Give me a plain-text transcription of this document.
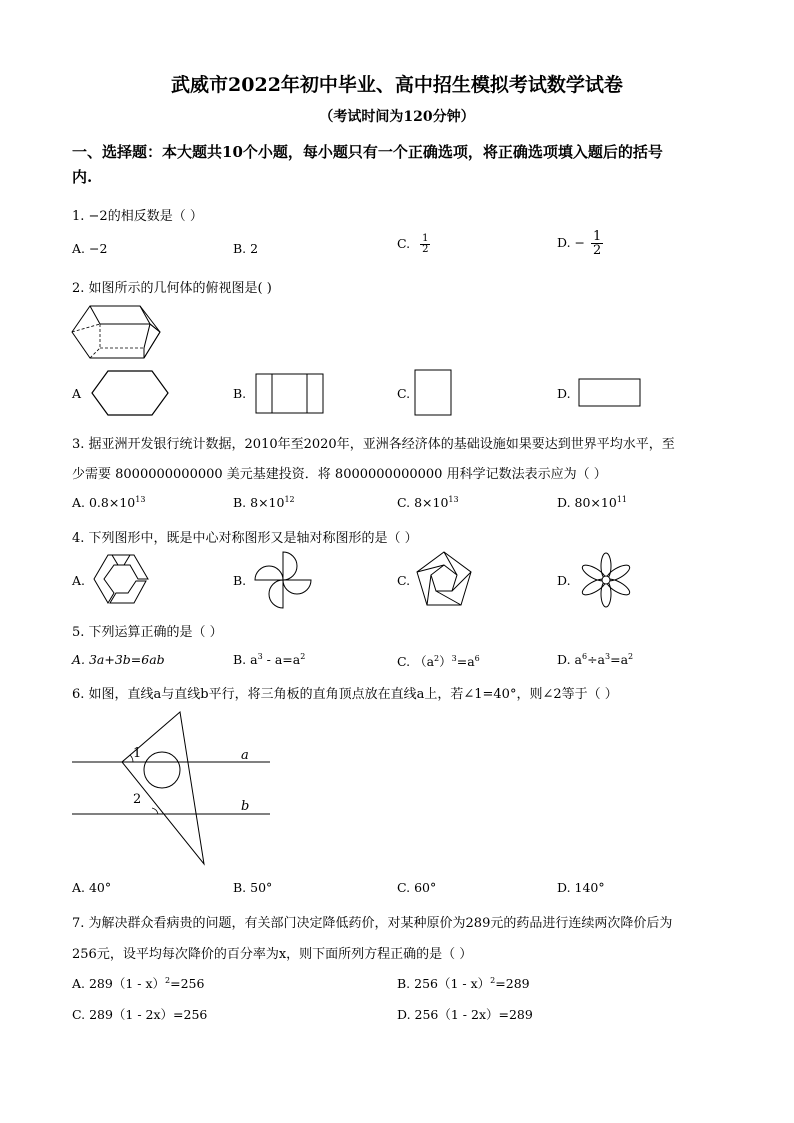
武威市2022年初中毕业、高中招生模拟考试数学试卷
（考试时间为120分钟）
一、选择题：本大题共10个小题，每小题只有一个正确选项，将正确选项填入题后的括号
内.
1. −2的相反数是（ ）
A. −2	B. 2	C. $\frac{1}{2}$	D. − $\frac{1}{2}$
2. 如图所示的几何体的俯视图是( )
A	B.	C.	D.
3. 据亚洲开发银行统计数据，2010年至2020年，亚洲各经济体的基础设施如果要达到世界平均水平，至
少需要 8000000000000 美元基建投资．将 8000000000000 用科学记数法表示应为（ ）
A. $0.8\times 10^{13}$	B. $8\times 10^{12}$	C. $8\times 10^{13}$	D. $80\times 10^{11}$
4. 下列图形中，既是中心对称图形又是轴对称图形的是（ ）
A.	B.	C.	D.
5. 下列运算正确的是（ ）
A. 3a+3b=6ab	B. $a^3 - a=a^2$	C. $(a^2)^3=a^6$	D. $a^6\div a^3=a^2$
6. 如图，直线a与直线b平行，将三角板的直角顶点放在直线a上，若∠1=40°，则∠2等于（ ）
1
2
a
b
A. 40°	B. 50°	C. 60°	D. 140°
7. 为解决群众看病贵的问题，有关部门决定降低药价，对某种原价为289元的药品进行连续两次降价后为
256元，设平均每次降价的百分率为x，则下面所列方程正确的是（ ）
A. 289（1 - x）$^2$=256	B. 256（1 - x）$^2$=289
C. 289（1 - 2x）=256	D. 256（1 - 2x）=289
